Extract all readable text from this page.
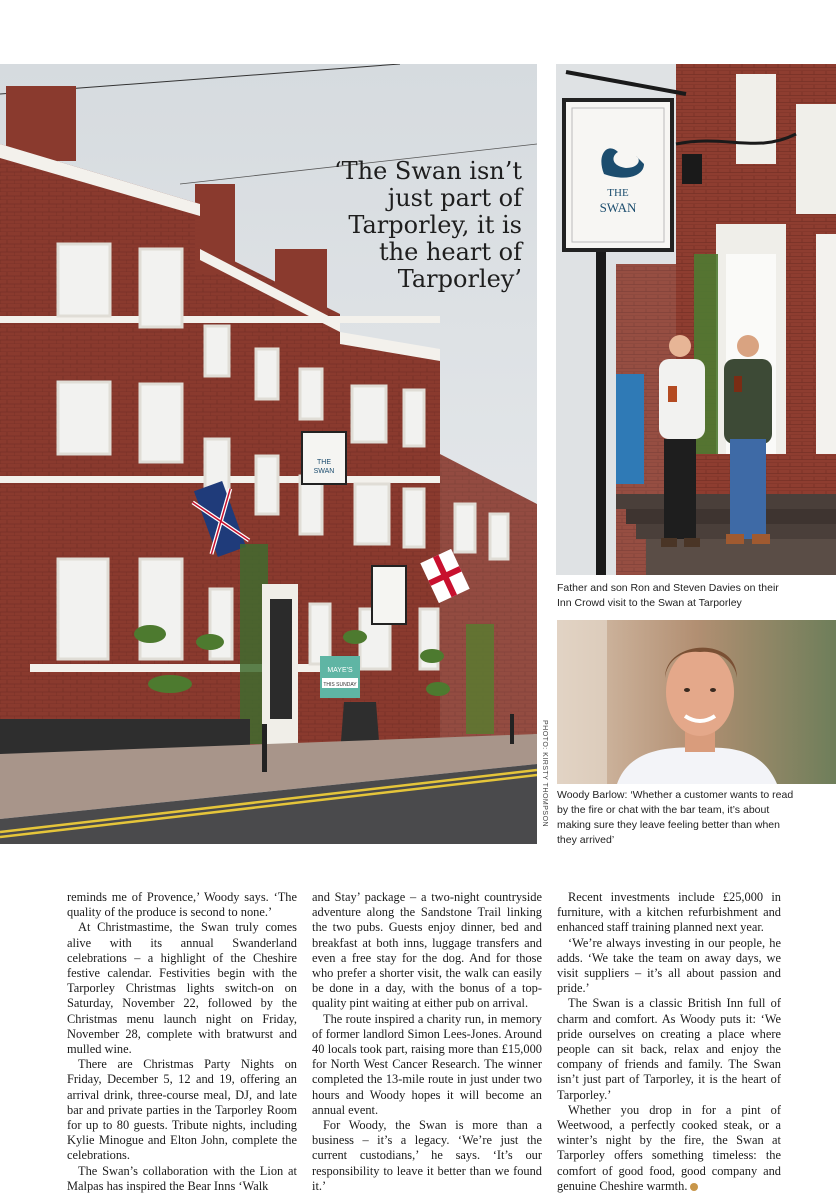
THE
SWAN
MAYE'S
THIS SUNDAY
‘The Swan isn’t
just part of
Tarporley, it is
the heart of
Tarporley’
PHOTO: KIRSTY THOMPSON
THE
SWAN
Father and son Ron and Steven Davies on their Inn Crowd visit to the Swan at Tarporley
Woody Barlow: ‘Whether a customer wants to read by the fire or chat with the bar team, it’s about making sure they leave feeling better than when they arrived’

reminds me of Provence,’ Woody says. ‘The quality of the produce is second to none.’

At Christmastime, the Swan truly comes alive with its annual Swanderland celebrations – a highlight of the Cheshire festive calendar. Festivities begin with the Tarporley Christmas lights switch-on on Saturday, November 22, followed by the Christmas menu launch night on Friday, November 28, complete with bratwurst and mulled wine.

There are Christmas Party Nights on Friday, December 5, 12 and 19, offering an arrival drink, three-course meal, DJ, and late bar and private parties in the Tarporley Room for up to 80 guests. Tribute nights, including Kylie Minogue and Elton John, complete the celebrations.

The Swan’s collaboration with the Lion at Malpas has inspired the Bear Inns ‘Walk

and Stay’ package – a two-night countryside adventure along the Sandstone Trail linking the two pubs. Guests enjoy dinner, bed and breakfast at both inns, luggage transfers and even a free stay for the dog. And for those who prefer a shorter visit, the walk can easily be done in a day, with the bonus of a top-quality pint waiting at either pub on arrival.

The route inspired a charity run, in memory of former landlord Simon Lees-Jones. Around 40 locals took part, raising more than £15,000 for North West Cancer Research. The winner completed the 13-mile route in just under two hours and Woody hopes it will become an annual event.

For Woody, the Swan is more than a business – it’s a legacy. ‘We’re just the current custodians,’ he says. ‘It’s our responsibility to leave it better than we found it.’

Recent investments include £25,000 in furniture, with a kitchen refurbishment and enhanced staff training planned next year.

‘We’re always investing in our people, he adds. ‘We take the team on away days, we visit suppliers – it’s all about passion and pride.’

The Swan is a classic British Inn full of charm and comfort. As Woody puts it: ‘We pride ourselves on creating a place where people can sit back, relax and enjoy the company of friends and family. The Swan isn’t just part of Tarporley, it is the heart of Tarporley.’

Whether you drop in for a pint of Weetwood, a perfectly cooked steak, or a winter’s night by the fire, the Swan at Tarporley offers something timeless: the comfort of good food, good company and genuine Cheshire warmth.
